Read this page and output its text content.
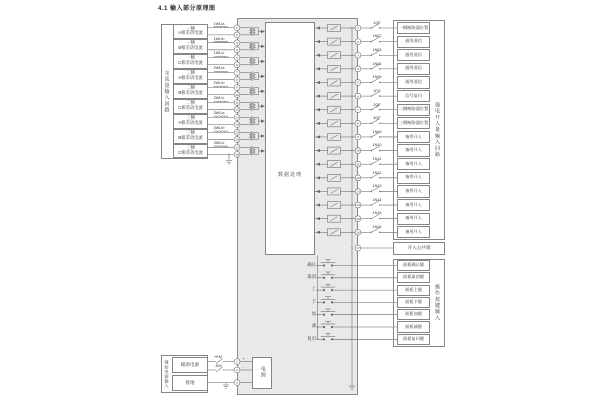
4.1 输入部分原理图
1
2
3
4
5
6
7
8
9
10
11
12
13
14
15
16
17
18
1
2
3
4
5
6
7
8
9
10
11
12
13
14
15
16
17
1
2
3
交流量输入回路
数据处理
强电开入量输入回路
开入公共端
操作按键输入
辅助电源输入 辅助电源
接地
电源
+
-
一侧
A相差动电流
1WLIa
一侧
B相差动电流
1WLIb
一侧
C相差动电流
1WLIc
二侧
A相差动电流
2WLIa
二侧
B相差动电流
2WLIb
二侧
C相差动电流
2WLIc
三侧
A相差动电流
3WLIa
三侧
B相差动电流
3WLIb
三侧
C相差动电流
3WLIc
1QF
一侧断路器位置
1N02
通用遥信
1N03
通用遥信
1N04
通用遥信
1N05
通用遥信
1FG
信号复归
2QF
二侧断路器位置
3QF
三侧断路器位置
1N09
备用开入
1N10
备用开入
1N11
备用开入
1N12
备用开入
1N13
备用开入
1N14
备用开入
1N15
备用开入
1N16
备用开入
确认	面板确认键
取消	面板取消键
上	面板上键
下	面板下键
加	面板加键
减	面板减键
复归	面板复归键
+KM
-KM
